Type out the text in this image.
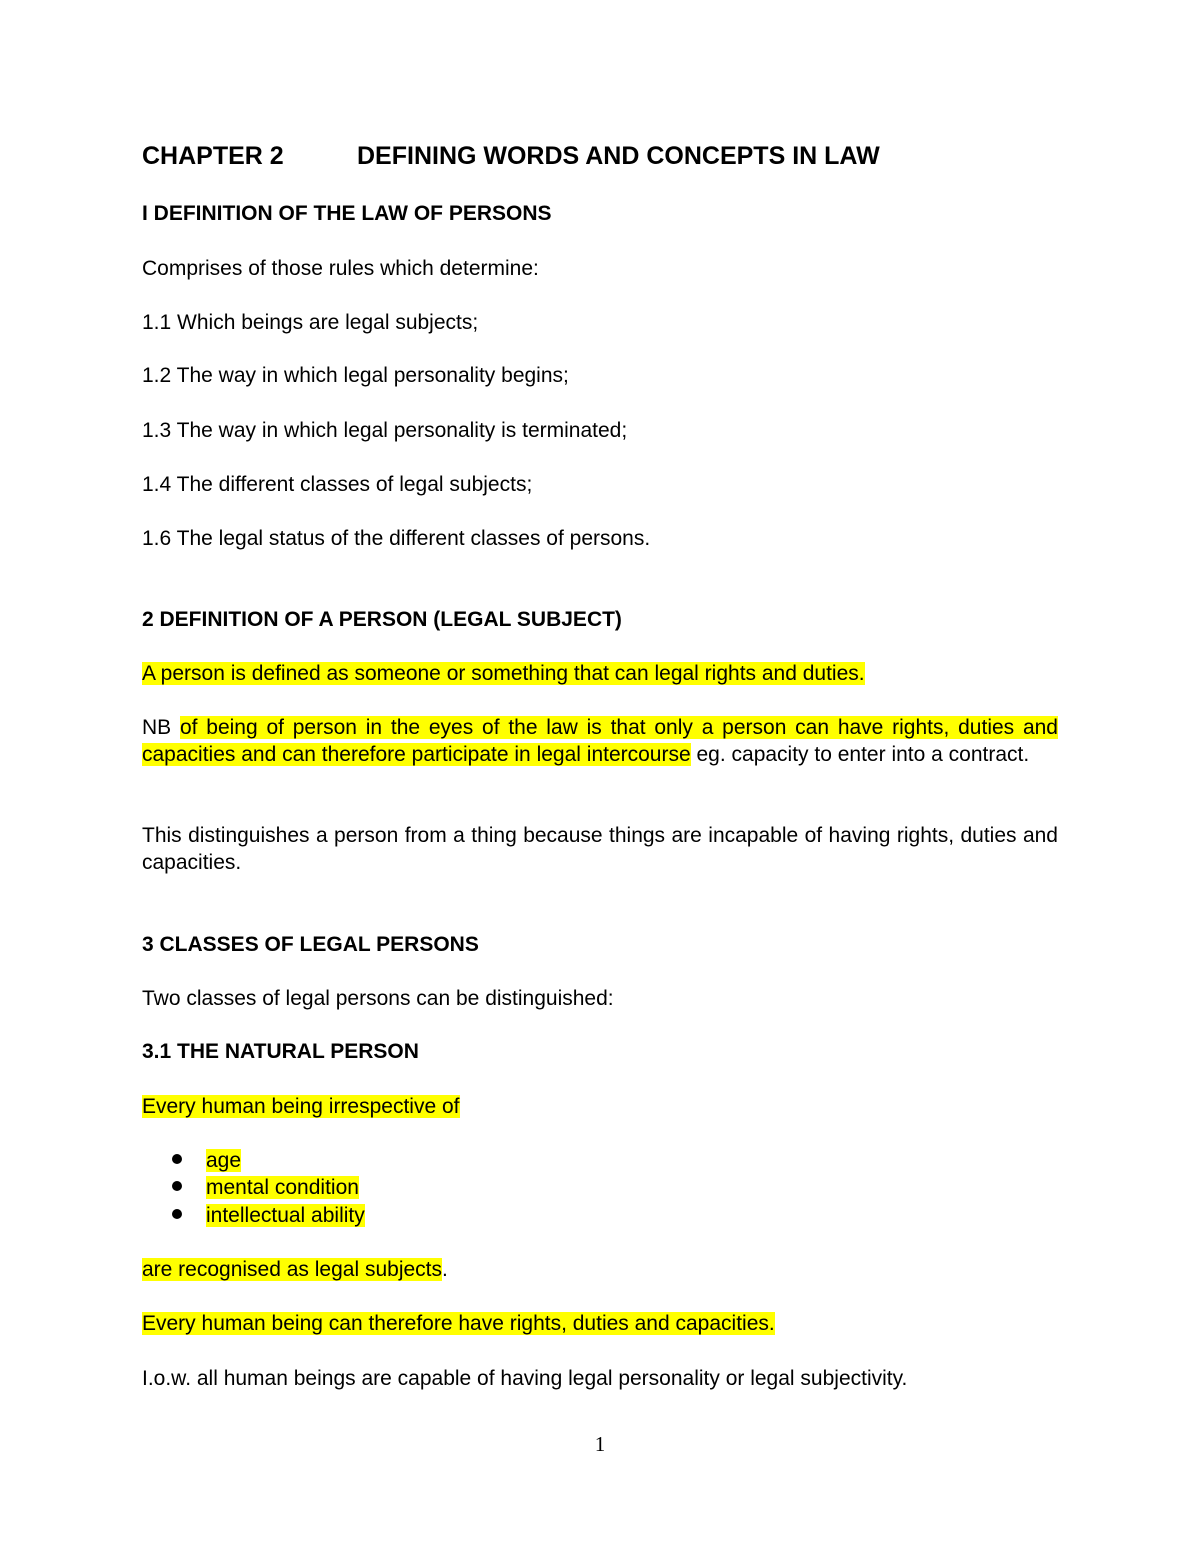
CHAPTER 2	DEFINING WORDS AND CONCEPTS IN LAW
I DEFINITION OF THE LAW OF PERSONS
Comprises of those rules which determine:
1.1 Which beings are legal subjects;
1.2 The way in which legal personality begins;
1.3 The way in which legal personality is terminated;
1.4 The different classes of legal subjects;
1.6 The legal status of the different classes of persons.
2 DEFINITION OF A PERSON (LEGAL SUBJECT)
A person is defined as someone or something that can legal rights and duties.
NB of being of person in the eyes of the law is that only a person can have rights, duties and capacities and can therefore participate in legal intercourse eg. capacity to enter into a contract.
This distinguishes a person from a thing because things are incapable of having rights, duties and capacities.
3 CLASSES OF LEGAL PERSONS
Two classes of legal persons can be distinguished:
3.1 THE NATURAL PERSON
Every human being irrespective of
age
mental condition
intellectual ability
are recognised as legal subjects.
Every human being can therefore have rights, duties and capacities.
I.o.w. all human beings are capable of having legal personality or legal subjectivity.
1
